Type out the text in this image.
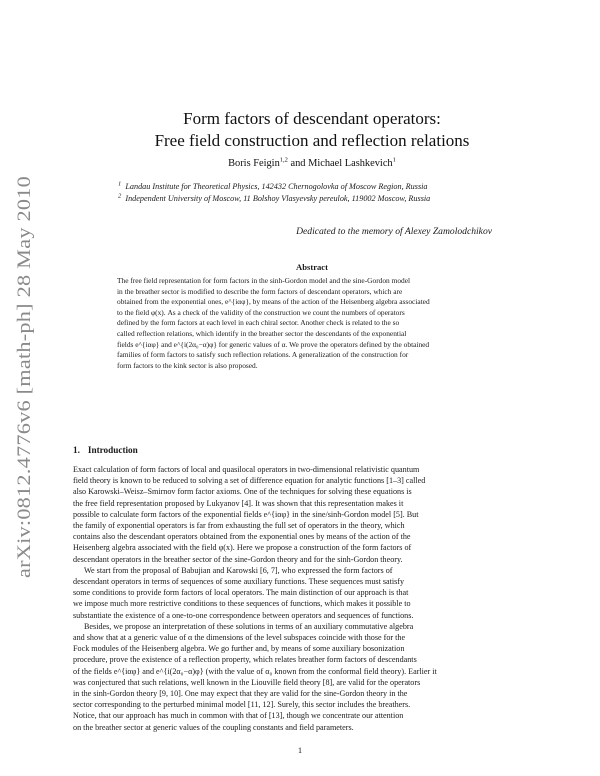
arXiv:0812.4776v6 [math-ph] 28 May 2010
Form factors of descendant operators:
Free field construction and reflection relations
Boris Feigin$^{1,2}$ and Michael Lashkevich$^1$
$^1$ Landau Institute for Theoretical Physics, 142432 Chernogolovka of Moscow Region, Russia
$^2$ Independent University of Moscow, 11 Bolshoy Vlasyevsky pereulok, 119002 Moscow, Russia
Dedicated to the memory of Alexey Zamolodchikov
Abstract
The free field representation for form factors in the sinh-Gordon model and the sine-Gordon model
in the breather sector is modified to describe the form factors of descendant operators, which are
obtained from the exponential ones, e^{iαφ}, by means of the action of the Heisenberg algebra associated
to the field φ(x). As a check of the validity of the construction we count the numbers of operators
defined by the form factors at each level in each chiral sector. Another check is related to the so
called reflection relations, which identify in the breather sector the descendants of the exponential
fields e^{iαφ} and e^{i(2α₀−α)φ} for generic values of α. We prove the operators defined by the obtained
families of form factors to satisfy such reflection relations. A generalization of the construction for
form factors to the kink sector is also proposed.
1. Introduction
Exact calculation of form factors of local and quasilocal operators in two-dimensional relativistic quantum
field theory is known to be reduced to solving a set of difference equation for analytic functions [1–3] called
also Karowski–Weisz–Smirnov form factor axioms. One of the techniques for solving these equations is
the free field representation proposed by Lukyanov [4]. It was shown that this representation makes it
possible to calculate form factors of the exponential fields e^{iαφ} in the sine/sinh-Gordon model [5]. But
the family of exponential operators is far from exhausting the full set of operators in the theory, which
contains also the descendant operators obtained from the exponential ones by means of the action of the
Heisenberg algebra associated with the field φ(x). Here we propose a construction of the form factors of
descendant operators in the breather sector of the sine-Gordon theory and for the sinh-Gordon theory.
We start from the proposal of Babujian and Karowski [6, 7], who expressed the form factors of
descendant operators in terms of sequences of some auxiliary functions. These sequences must satisfy
some conditions to provide form factors of local operators. The main distinction of our approach is that
we impose much more restrictive conditions to these sequences of functions, which makes it possible to
substantiate the existence of a one-to-one correspondence between operators and sequences of functions.
Besides, we propose an interpretation of these solutions in terms of an auxiliary commutative algebra
and show that at a generic value of α the dimensions of the level subspaces coincide with those for the
Fock modules of the Heisenberg algebra. We go further and, by means of some auxiliary bosonization
procedure, prove the existence of a reflection property, which relates breather form factors of descendants
of the fields e^{iαφ} and e^{i(2α₀−α)φ} (with the value of α₀ known from the conformal field theory). Earlier it
was conjectured that such relations, well known in the Liouville field theory [8], are valid for the operators
in the sinh-Gordon theory [9, 10]. One may expect that they are valid for the sine-Gordon theory in the
sector corresponding to the perturbed minimal model [11, 12]. Surely, this sector includes the breathers.
Notice, that our approach has much in common with that of [13], though we concentrate our attention
on the breather sector at generic values of the coupling constants and field parameters.
1
